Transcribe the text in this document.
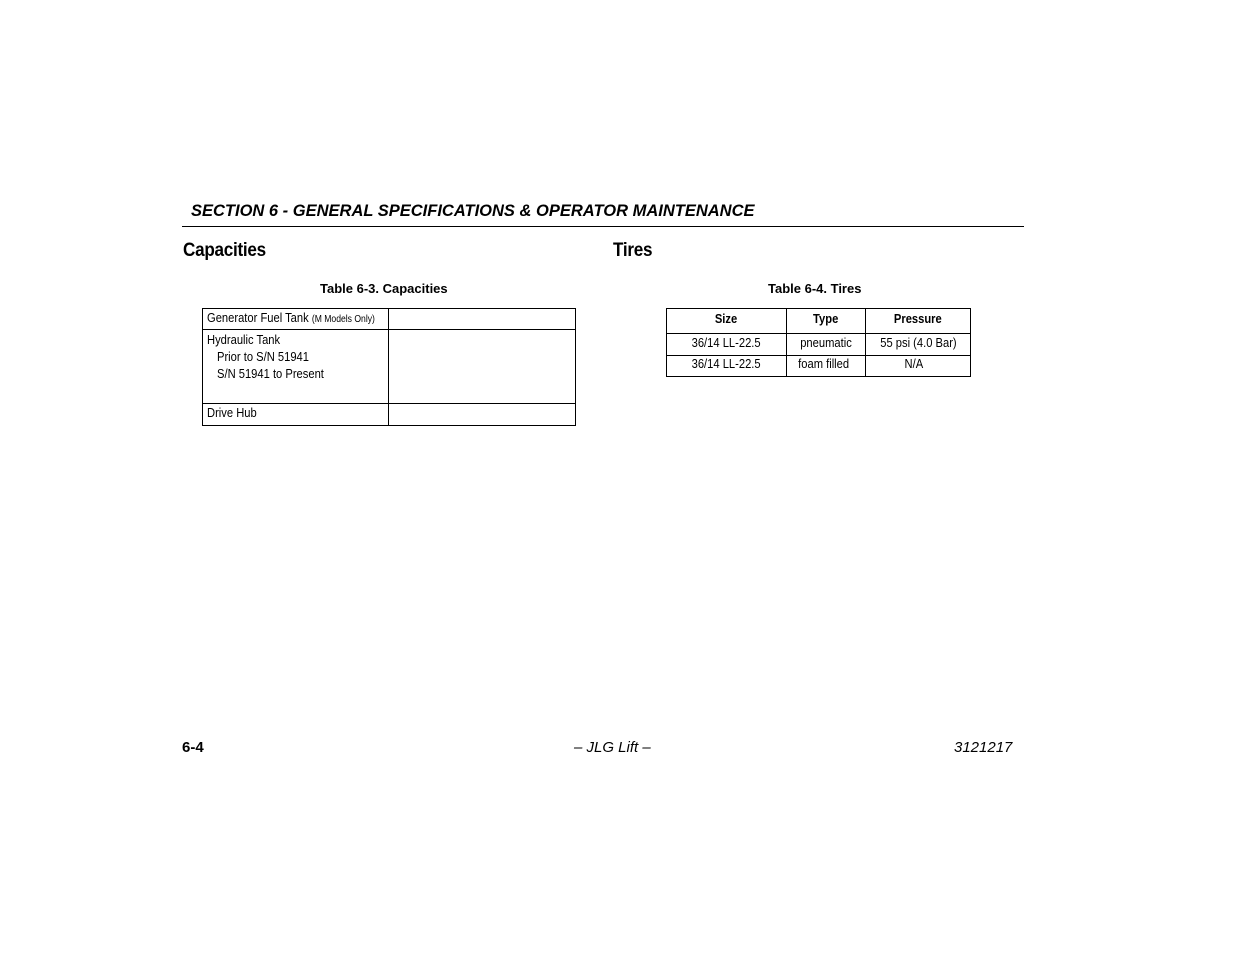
SECTION 6 - GENERAL SPECIFICATIONS & OPERATOR MAINTENANCE
Capacities
Table 6-3. Capacities
Generator Fuel Tank (M Models Only)
Hydraulic Tank
Prior to S/N 51941
S/N 51941 to Present
Drive Hub
Tires
Table 6-4. Tires
Size	Type	Pressure
36/14 LL-22.5	pneumatic	55 psi (4.0 Bar)
36/14 LL-22.5	foam filled	N/A
6-4	– JLG Lift –	3121217
